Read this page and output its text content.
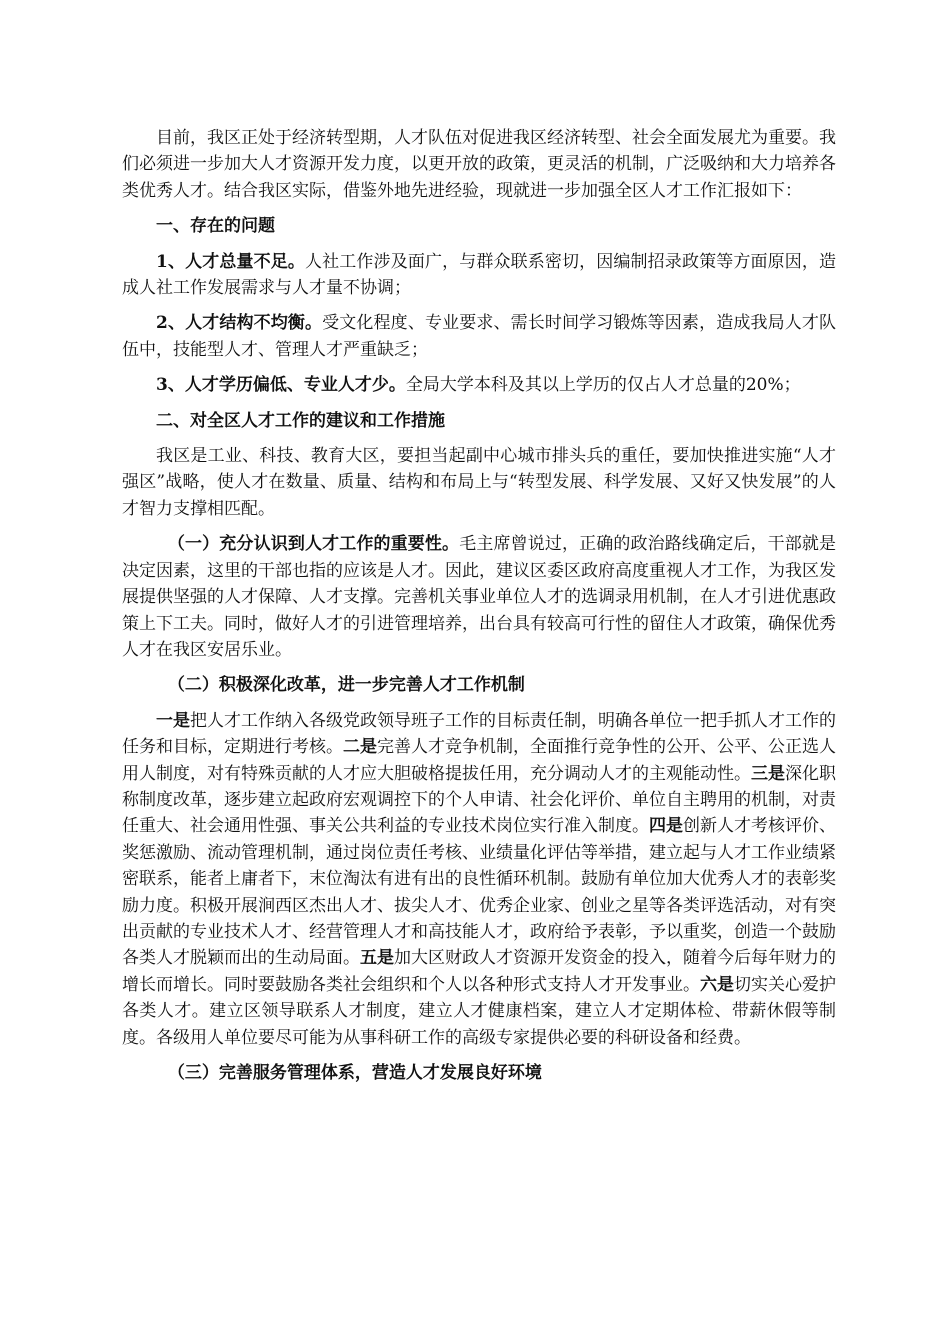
目前，我区正处于经济转型期，人才队伍对促进我区经济转型、社会全面发展尤为重要。我们必须进一步加大人才资源开发力度，以更开放的政策，更灵活的机制，广泛吸纳和大力培养各类优秀人才。结合我区实际，借鉴外地先进经验，现就进一步加强全区人才工作汇报如下：

一、存在的问题

1、人才总量不足。人社工作涉及面广，与群众联系密切，因编制招录政策等方面原因，造成人社工作发展需求与人才量不协调；

2、人才结构不均衡。受文化程度、专业要求、需长时间学习锻炼等因素，造成我局人才队伍中，技能型人才、管理人才严重缺乏；

3、人才学历偏低、专业人才少。全局大学本科及其以上学历的仅占人才总量的20%；

二、对全区人才工作的建议和工作措施

我区是工业、科技、教育大区，要担当起副中心城市排头兵的重任，要加快推进实施“人才强区”战略，使人才在数量、质量、结构和布局上与“转型发展、科学发展、又好又快发展”的人才智力支撑相匹配。

（一）充分认识到人才工作的重要性。毛主席曾说过，正确的政治路线确定后，干部就是决定因素，这里的干部也指的应该是人才。因此，建议区委区政府高度重视人才工作，为我区发展提供坚强的人才保障、人才支撑。完善机关事业单位人才的选调录用机制，在人才引进优惠政策上下工夫。同时，做好人才的引进管理培养，出台具有较高可行性的留住人才政策，确保优秀人才在我区安居乐业。

（二）积极深化改革，进一步完善人才工作机制

一是把人才工作纳入各级党政领导班子工作的目标责任制，明确各单位一把手抓人才工作的任务和目标，定期进行考核。二是完善人才竞争机制，全面推行竞争性的公开、公平、公正选人用人制度，对有特殊贡献的人才应大胆破格提拔任用，充分调动人才的主观能动性。三是深化职称制度改革，逐步建立起政府宏观调控下的个人申请、社会化评价、单位自主聘用的机制，对责任重大、社会通用性强、事关公共利益的专业技术岗位实行准入制度。四是创新人才考核评价、奖惩激励、流动管理机制，通过岗位责任考核、业绩量化评估等举措，建立起与人才工作业绩紧密联系，能者上庸者下，末位淘汰有进有出的良性循环机制。鼓励有单位加大优秀人才的表彰奖励力度。积极开展涧西区杰出人才、拔尖人才、优秀企业家、创业之星等各类评选活动，对有突出贡献的专业技术人才、经营管理人才和高技能人才，政府给予表彰，予以重奖，创造一个鼓励各类人才脱颖而出的生动局面。五是加大区财政人才资源开发资金的投入，随着今后每年财力的增长而增长。同时要鼓励各类社会组织和个人以各种形式支持人才开发事业。六是切实关心爱护各类人才。建立区领导联系人才制度，建立人才健康档案，建立人才定期体检、带薪休假等制度。各级用人单位要尽可能为从事科研工作的高级专家提供必要的科研设备和经费。

（三）完善服务管理体系，营造人才发展良好环境
